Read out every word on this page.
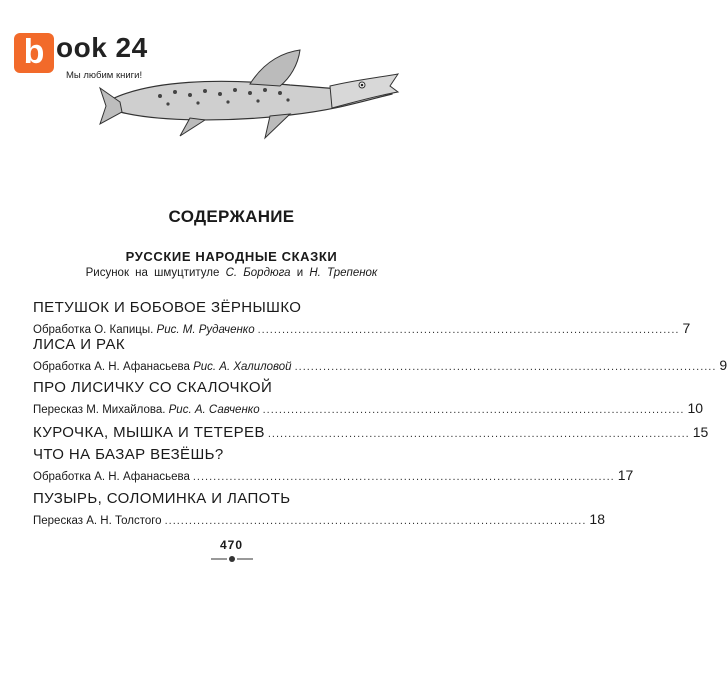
b ook 24
Мы любим книги!
СОДЕРЖАНИЕ
РУССКИЕ НАРОДНЫЕ СКАЗКИ
Рисунок на шмуцтитуле С. Бордюга и Н. Трепенок
ПЕТУШОК И БОБОВОЕ ЗЁРНЫШКО
Обработка О. Капицы. Рис. М. Рудаченко ........................................................................................................ 7
ЛИСА И РАК
Обработка А. Н. Афанасьева Рис. А. Халиловой ........................................................................................................ 9
ПРО ЛИСИЧКУ СО СКАЛОЧКОЙ
Пересказ М. Михайлова. Рис. А. Савченко ........................................................................................................ 10
КУРОЧКА, МЫШКА И ТЕТЕРЕВ ........................................................................................................ 15
ЧТО НА БАЗАР ВЕЗЁШЬ?
Обработка А. Н. Афанасьева ........................................................................................................ 17
ПУЗЫРЬ, СОЛОМИНКА И ЛАПОТЬ
Пересказ А. Н. Толстого ........................................................................................................ 18
470
